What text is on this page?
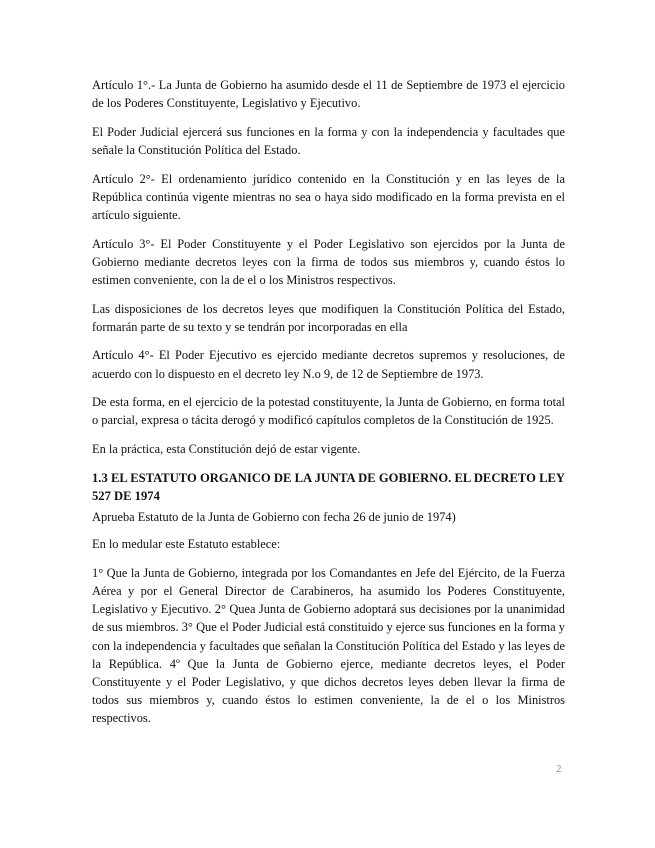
Artículo 1°.- La Junta de Gobierno ha asumido desde el 11 de Septiembre de 1973 el ejercicio de los Poderes Constituyente, Legislativo y Ejecutivo.

El Poder Judicial ejercerá sus funciones en la forma y con la independencia y facultades que señale la Constitución Política del Estado.

Artículo 2°- El ordenamiento jurídico contenido en la Constitución y en las leyes de la República continúa vigente mientras no sea o haya sido modificado en la forma prevista en el artículo siguiente.

Artículo 3°- El Poder Constituyente y el Poder Legislativo son ejercidos por la Junta de Gobierno mediante decretos leyes con la firma de todos sus miembros y, cuando éstos lo estimen conveniente, con la de el o los Ministros respectivos.

Las disposiciones de los decretos leyes que modifiquen la Constitución Política del Estado, formarán parte de su texto y se tendrán por incorporadas en ella

Artículo 4°- El Poder Ejecutivo es ejercido mediante decretos supremos y resoluciones, de acuerdo con lo dispuesto en el decreto ley N.o 9, de 12 de Septiembre de 1973.

De esta forma, en el ejercicio de la potestad constituyente, la Junta de Gobierno, en forma total o parcial, expresa o tácita derogó y modificó capítulos completos de la Constitución de 1925.

En la práctica, esta Constitución dejó de estar vigente.

1.3 EL ESTATUTO ORGANICO DE LA JUNTA DE GOBIERNO. EL DECRETO LEY 527 DE 1974

Aprueba Estatuto de la Junta de Gobierno con fecha 26 de junio de 1974)

En lo medular este Estatuto establece:

1° Que la Junta de Gobierno, integrada por los Comandantes en Jefe del Ejército, de la Fuerza Aérea y por el General Director de Carabineros, ha asumido los Poderes Constituyente, Legislativo y Ejecutivo. 2° Quea Junta de Gobierno adoptará sus decisiones por la unanimidad de sus miembros. 3° Que el Poder Judicial está constituido y ejerce sus funciones en la forma y con la independencia y facultades que señalan la Constitución Política del Estado y las leyes de la República. 4º Que la Junta de Gobierno ejerce, mediante decretos leyes, el Poder Constituyente y el Poder Legislativo, y que dichos decretos leyes deben llevar la firma de todos sus miembros y, cuando éstos lo estimen conveniente, la de el o los Ministros respectivos.

2
